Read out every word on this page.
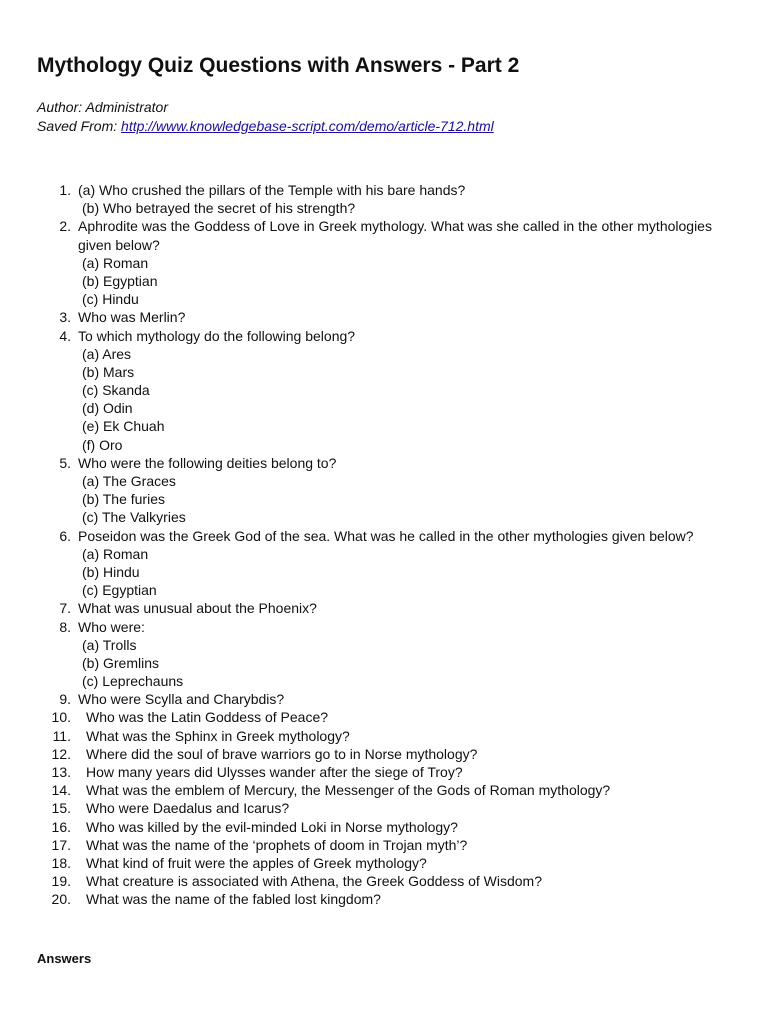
Mythology Quiz Questions with Answers - Part 2
Author: Administrator
Saved From: http://www.knowledgebase-script.com/demo/article-712.html
1. (a) Who crushed the pillars of the Temple with his bare hands?
(b) Who betrayed the secret of his strength?
2. Aphrodite was the Goddess of Love in Greek mythology. What was she called in the other mythologies
given below?
(a) Roman
(b) Egyptian
(c) Hindu
3. Who was Merlin?
4. To which mythology do the following belong?
(a) Ares
(b) Mars
(c) Skanda
(d) Odin
(e) Ek Chuah
(f) Oro
5. Who were the following deities belong to?
(a) The Graces
(b) The furies
(c) The Valkyries
6. Poseidon was the Greek God of the sea. What was he called in the other mythologies given below?
(a) Roman
(b) Hindu
(c) Egyptian
7. What was unusual about the Phoenix?
8. Who were:
(a) Trolls
(b) Gremlins
(c) Leprechauns
9. Who were Scylla and Charybdis?
10. Who was the Latin Goddess of Peace?
11. What was the Sphinx in Greek mythology?
12. Where did the soul of brave warriors go to in Norse mythology?
13. How many years did Ulysses wander after the siege of Troy?
14. What was the emblem of Mercury, the Messenger of the Gods of Roman mythology?
15. Who were Daedalus and Icarus?
16. Who was killed by the evil-minded Loki in Norse mythology?
17. What was the name of the ‘prophets of doom in Trojan myth’?
18. What kind of fruit were the apples of Greek mythology?
19. What creature is associated with Athena, the Greek Goddess of Wisdom?
20. What was the name of the fabled lost kingdom?
Answers
